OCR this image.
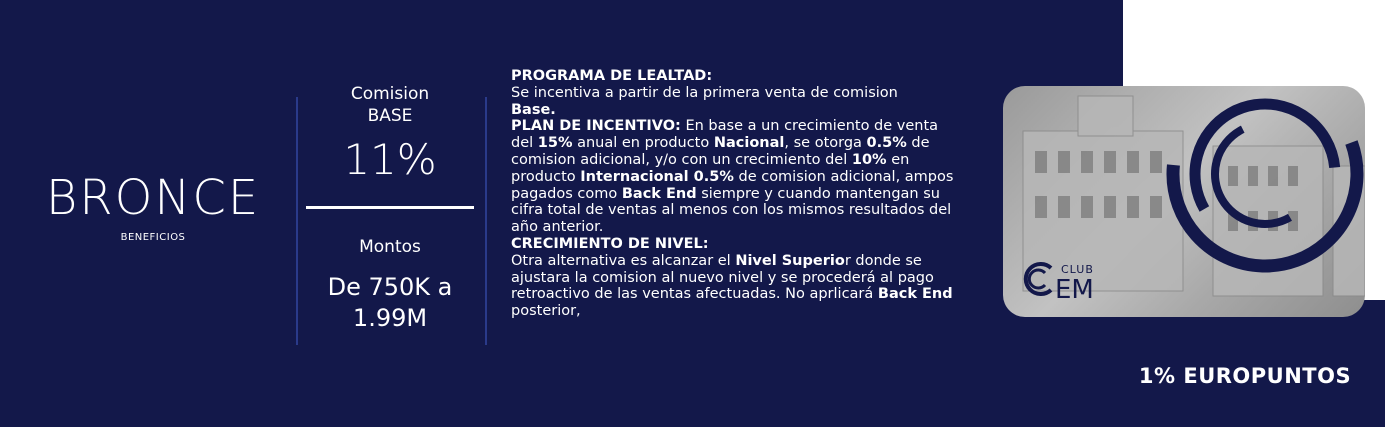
BRONCE
BENEFICIOS
Comision
BASE
11%
Montos
De 750K a
1.99M
PROGRAMA DE LEALTAD:
Se incentiva a partir de la primera venta de comision
Base.
PLAN DE INCENTIVO: En base a un crecimiento de venta del 15% anual en producto Nacional, se otorga 0.5% de comision adicional, y/o con un crecimiento del 10% en producto Internacional 0.5% de comision adicional, ampos pagados como Back End siempre y cuando mantengan su cifra total de ventas al menos con los mismos resultados del año anterior.
CRECIMIENTO DE NIVEL:
Otra alternativa es alcanzar el Nivel Superior donde se ajustara la comision al nuevo nivel y se procederá al pago retroactivo de las ventas afectuadas. No aprlicará Back End posterior,
CLUB
EM
1% EUROPUNTOS
